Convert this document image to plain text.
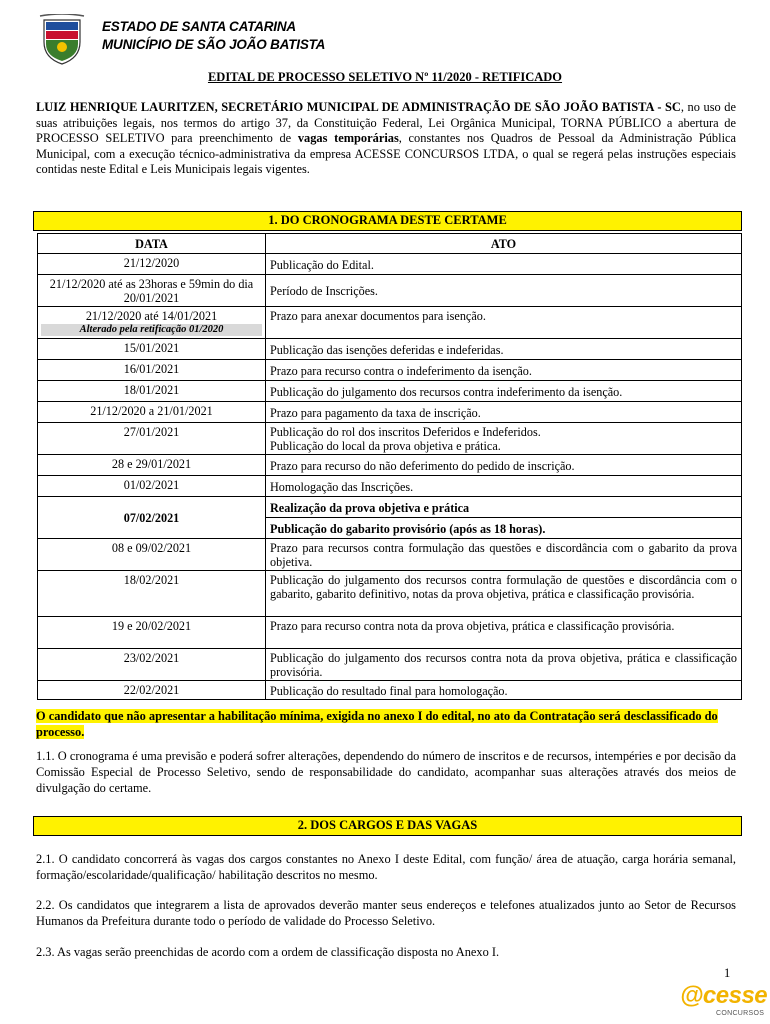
ESTADO DE SANTA CATARINA
MUNICÍPIO DE SÃO JOÃO BATISTA
EDITAL DE PROCESSO SELETIVO Nº 11/2020 - RETIFICADO
LUIZ HENRIQUE LAURITZEN, SECRETÁRIO MUNICIPAL DE ADMINISTRAÇÃO DE SÃO JOÃO BATISTA - SC, no uso de suas atribuições legais, nos termos do artigo 37, da Constituição Federal, Lei Orgânica Municipal, TORNA PÚBLICO a abertura de PROCESSO SELETIVO para preenchimento de vagas temporárias, constantes nos Quadros de Pessoal da Administração Pública Municipal, com a execução técnico-administrativa da empresa ACESSE CONCURSOS LTDA, o qual se regerá pelas instruções especiais contidas neste Edital e Leis Municipais legais vigentes.
1. DO CRONOGRAMA DESTE CERTAME
DATA	ATO
21/12/2020	Publicação do Edital.
21/12/2020 até as 23horas e 59min do dia 20/01/2021	Período de Inscrições.
21/12/2020 até 14/01/2021
Alterado pela retificação 01/2020	Prazo para anexar documentos para isenção.
15/01/2021	Publicação das isenções deferidas e indeferidas.
16/01/2021	Prazo para recurso contra o indeferimento da isenção.
18/01/2021	Publicação do julgamento dos recursos contra indeferimento da isenção.
21/12/2020 a 21/01/2021	Prazo para pagamento da taxa de inscrição.
27/01/2021	Publicação do rol dos inscritos Deferidos e Indeferidos.
Publicação do local da prova objetiva e prática.

28 e 29/01/2021	Prazo para recurso do não deferimento do pedido de inscrição.
01/02/2021	Homologação das Inscrições.
07/02/2021	Realização da prova objetiva e prática
	Publicação do gabarito provisório (após as 18 horas).
08 e 09/02/2021	Prazo para recursos contra formulação das questões e discordância com o gabarito da prova objetiva.
18/02/2021	Publicação do julgamento dos recursos contra formulação de questões e discordância com o gabarito, gabarito definitivo, notas da prova objetiva, prática e classificação provisória.
19 e 20/02/2021	Prazo para recurso contra nota da prova objetiva, prática e classificação provisória.
23/02/2021	Publicação do julgamento dos recursos contra nota da prova objetiva, prática e classificação provisória.
22/02/2021	Publicação do resultado final para homologação.
O candidato que não apresentar a habilitação mínima, exigida no anexo I do edital, no ato da Contratação será desclassificado do processo.
1.1. O cronograma é uma previsão e poderá sofrer alterações, dependendo do número de inscritos e de recursos, intempéries e por decisão da Comissão Especial de Processo Seletivo, sendo de responsabilidade do candidato, acompanhar suas alterações através dos meios de divulgação do certame.
2. DOS CARGOS E DAS VAGAS
2.1. O candidato concorrerá às vagas dos cargos constantes no Anexo I deste Edital, com função/ área de atuação, carga horária semanal, formação/escolaridade/qualificação/ habilitação descritos no mesmo.
2.2. Os candidatos que integrarem a lista de aprovados deverão manter seus endereços e telefones atualizados junto ao Setor de Recursos Humanos da Prefeitura durante todo o período de validade do Processo Seletivo.
2.3. As vagas serão preenchidas de acordo com a ordem de classificação disposta no Anexo I.
1
@cesse
CONCURSOS
